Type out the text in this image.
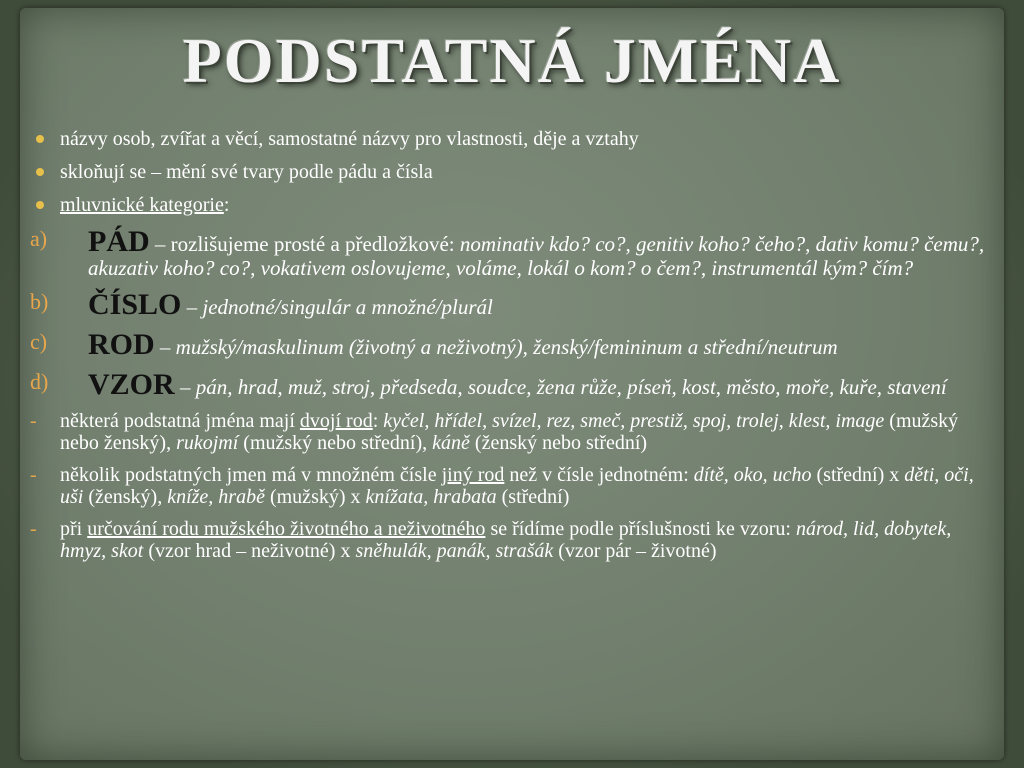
PODSTATNÁ JMÉNA
názvy osob, zvířat a věcí, samostatné názvy pro vlastnosti, děje a vztahy
skloňují se – mění své tvary podle pádu a čísla
mluvnické kategorie:
a) PÁD – rozlišujeme prosté a předložkové: nominativ kdo? co?, genitiv koho? čeho?, dativ komu? čemu?, akuzativ koho? co?, vokativem oslovujeme, voláme, lokál o kom? o čem?, instrumentál kým? čím?
b) ČÍSLO – jednotné/singulár a množné/plurál
c) ROD – mužský/maskulinum (životný a neživotný), ženský/femininum a střední/neutrum
d) VZOR – pán, hrad, muž, stroj, předseda, soudce, žena růže, píseň, kost, město, moře, kuře, stavení
- některá podstatná jména mají dvojí rod: kyčel, hřídel, svízel, rez, smeč, prestiž, spoj, trolej, klest, image (mužský nebo ženský), rukojmí (mužský nebo střední), káně (ženský nebo střední)
- několik podstatných jmen má v množném čísle jiný rod než v čísle jednotném: dítě, oko, ucho (střední) x děti, oči, uši (ženský), kníže, hrabě (mužský) x knížata, hrabata (střední)
- při určování rodu mužského životného a neživotného se řídíme podle příslušnosti ke vzoru: národ, lid, dobytek, hmyz, skot (vzor hrad – neživotné) x sněhulák, panák, strašák (vzor pár – životné)
